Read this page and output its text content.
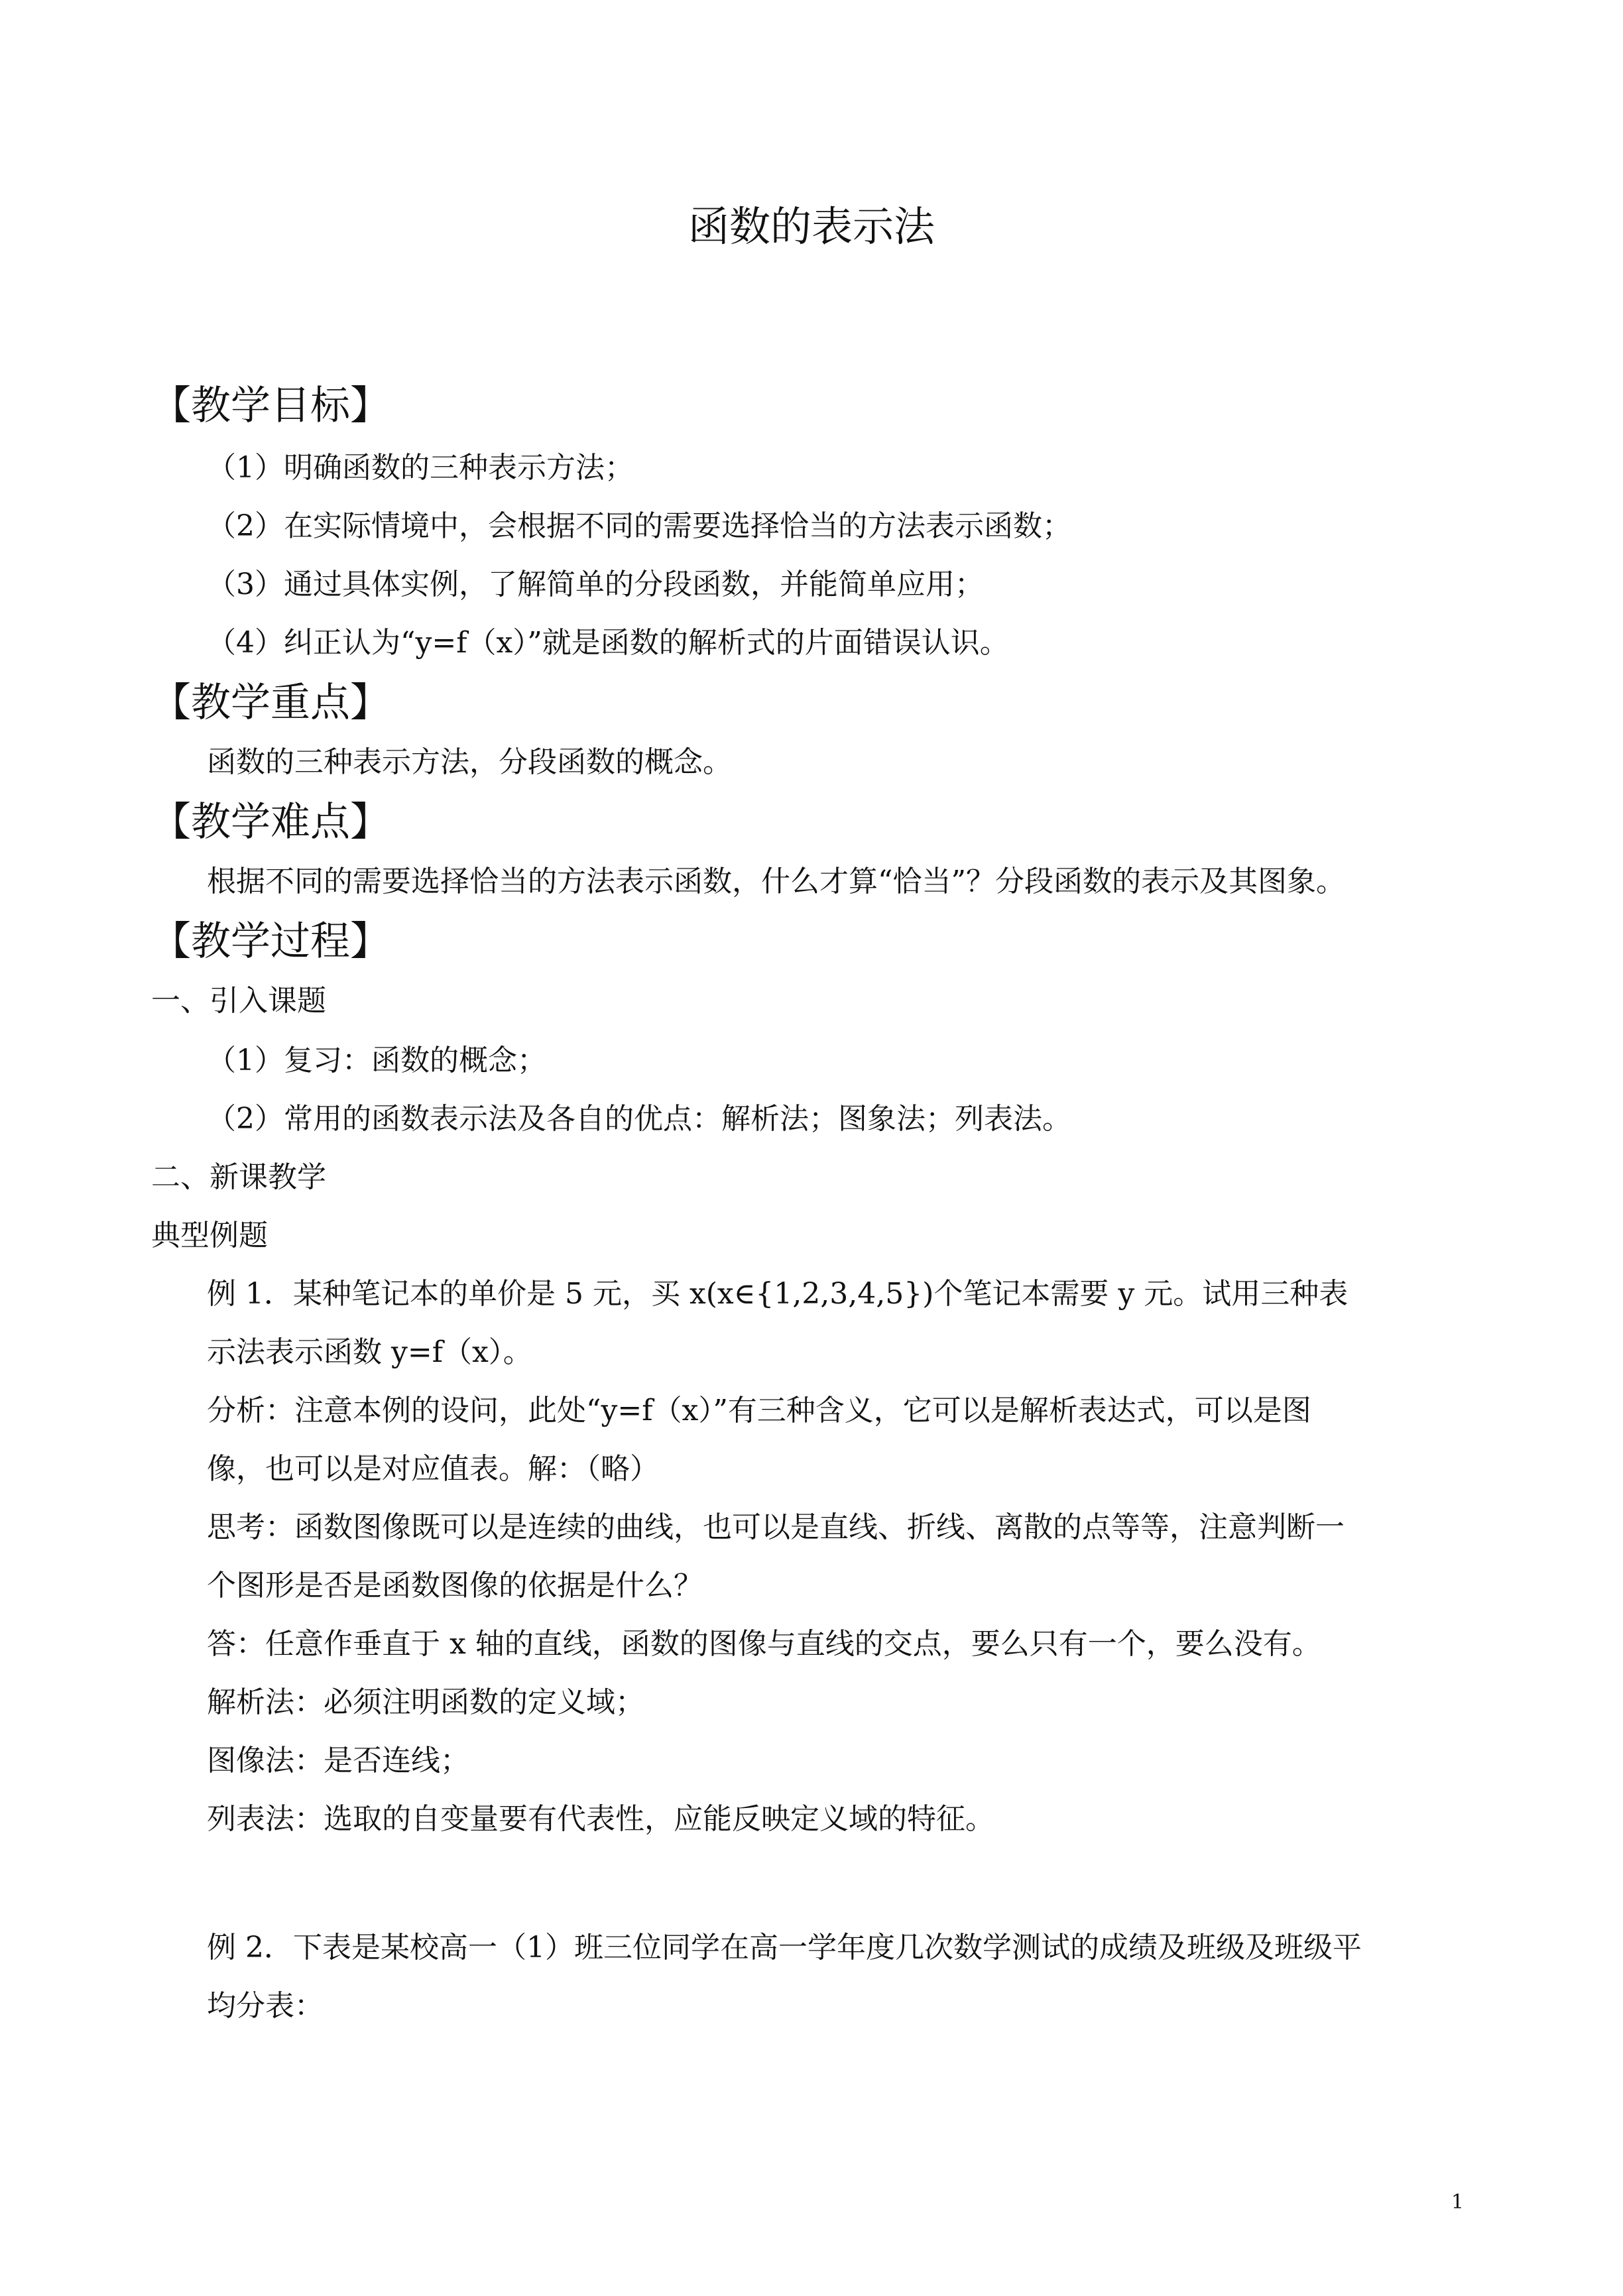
函数的表示法
【教学目标】
（1）明确函数的三种表示方法；
（2）在实际情境中，会根据不同的需要选择恰当的方法表示函数；
（3）通过具体实例，了解简单的分段函数，并能简单应用；
（4）纠正认为“y=f（x）”就是函数的解析式的片面错误认识。
【教学重点】
函数的三种表示方法，分段函数的概念。
【教学难点】
根据不同的需要选择恰当的方法表示函数，什么才算“恰当”？分段函数的表示及其图象。
【教学过程】
一、引入课题
（1）复习：函数的概念；
（2）常用的函数表示法及各自的优点：解析法；图象法；列表法。
二、新课教学
典型例题
例 1．某种笔记本的单价是 5 元，买 x(x∈{1,2,3,4,5})个笔记本需要 y 元。试用三种表
示法表示函数 y=f（x）。
分析：注意本例的设问，此处“y=f（x）”有三种含义，它可以是解析表达式，可以是图
像，也可以是对应值表。解：（略）
思考：函数图像既可以是连续的曲线，也可以是直线、折线、离散的点等等，注意判断一
个图形是否是函数图像的依据是什么？
答：任意作垂直于 x 轴的直线，函数的图像与直线的交点，要么只有一个，要么没有。
解析法：必须注明函数的定义域；
图像法：是否连线；
列表法：选取的自变量要有代表性，应能反映定义域的特征。
例 2．下表是某校高一（1）班三位同学在高一学年度几次数学测试的成绩及班级及班级平
均分表：
1
